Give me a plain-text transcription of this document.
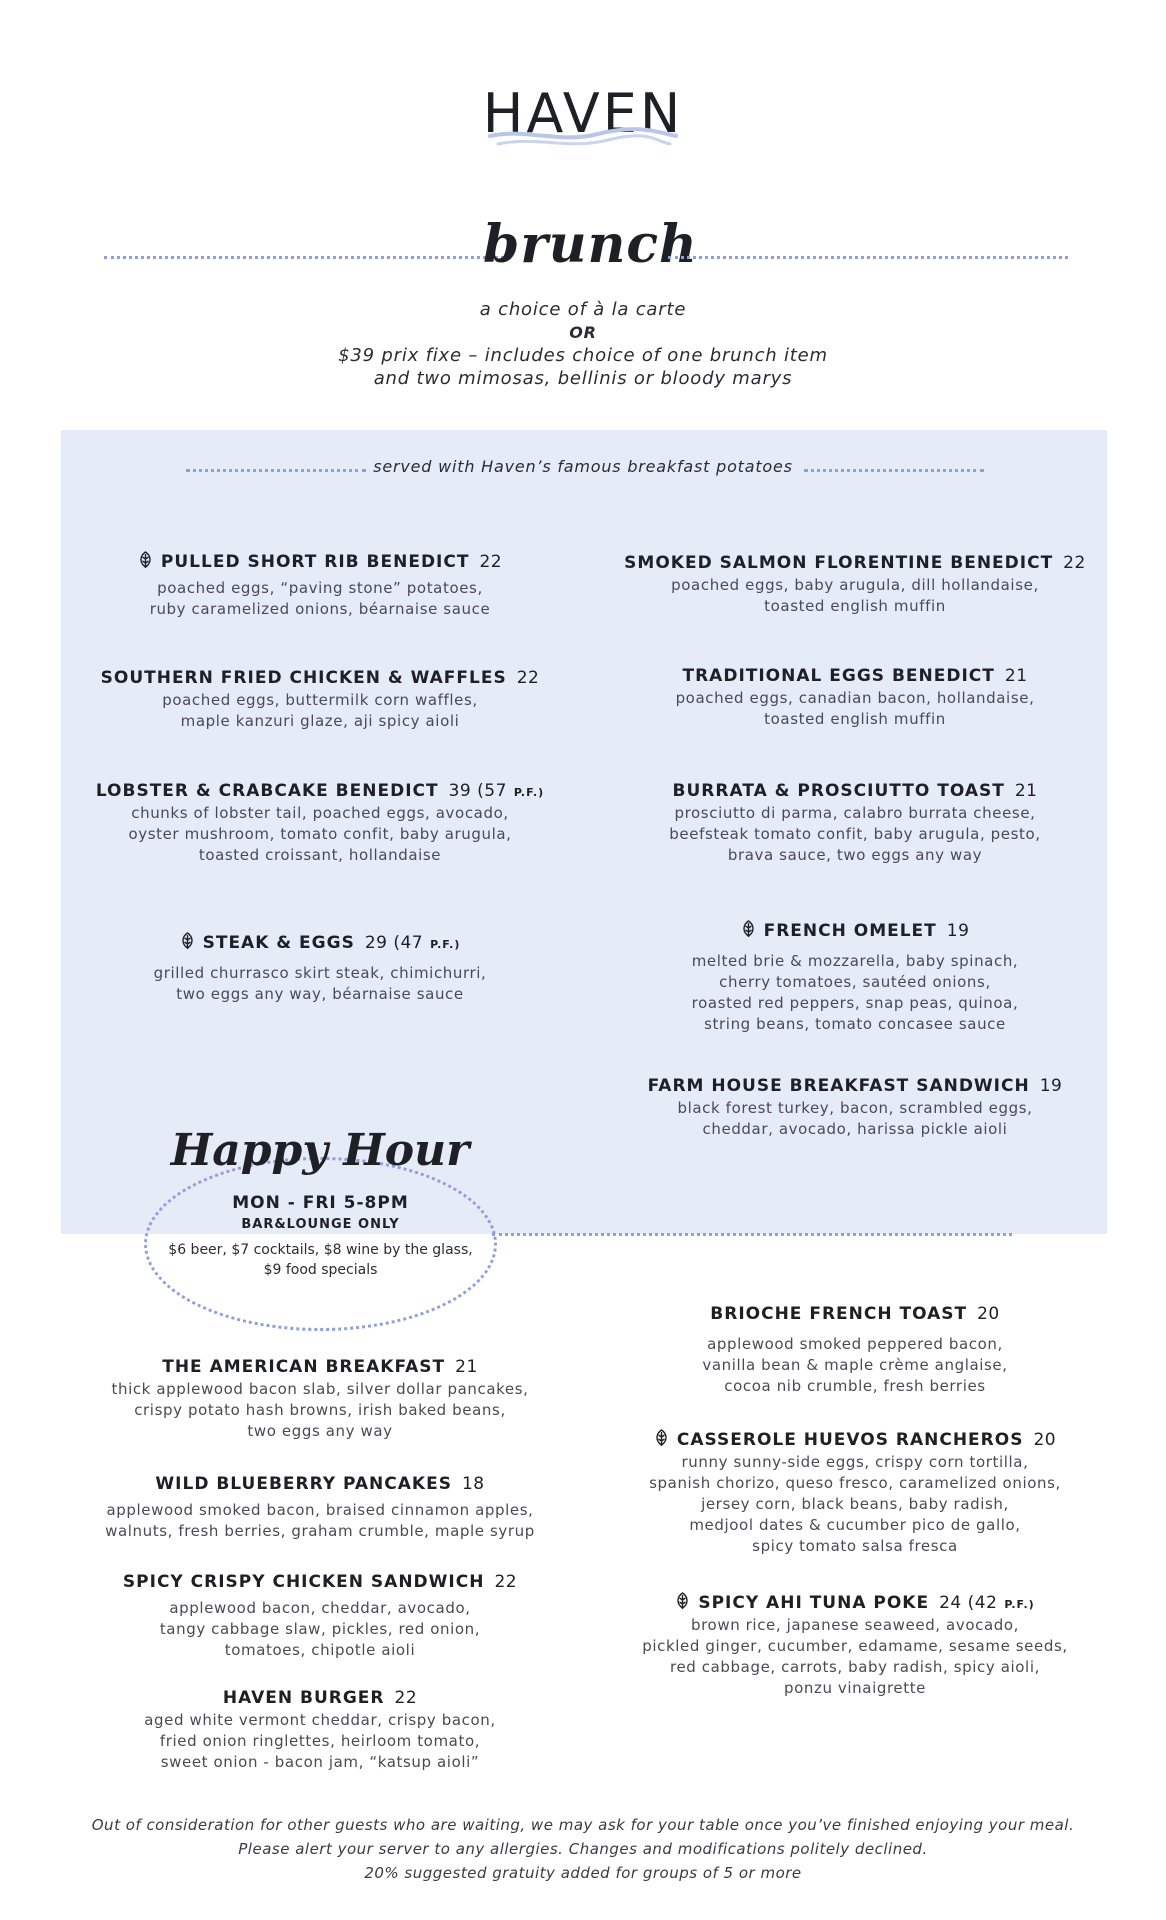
HAVEN
brunch
a choice of à la carte
OR
$39 prix fixe – includes choice of one brunch item
and two mimosas, bellinis or bloody marys
served with Haven’s famous breakfast potatoes
PULLED SHORT RIB BENEDICT 22
poached eggs, “paving stone” potatoes,
ruby caramelized onions, béarnaise sauce
SMOKED SALMON FLORENTINE BENEDICT 22
poached eggs, baby arugula, dill hollandaise,
toasted english muffin
SOUTHERN FRIED CHICKEN & WAFFLES 22
poached eggs, buttermilk corn waffles,
maple kanzuri glaze, aji spicy aioli
TRADITIONAL EGGS BENEDICT 21
poached eggs, canadian bacon, hollandaise,
toasted english muffin
LOBSTER & CRABCAKE BENEDICT 39 (57 P.F.)
chunks of lobster tail, poached eggs, avocado,
oyster mushroom, tomato confit, baby arugula,
toasted croissant, hollandaise
BURRATA & PROSCIUTTO TOAST 21
prosciutto di parma, calabro burrata cheese,
beefsteak tomato confit, baby arugula, pesto,
brava sauce, two eggs any way
STEAK & EGGS 29 (47 P.F.)
grilled churrasco skirt steak, chimichurri,
two eggs any way, béarnaise sauce
FRENCH OMELET 19
melted brie & mozzarella, baby spinach,
cherry tomatoes, sautéed onions,
roasted red peppers, snap peas, quinoa,
string beans, tomato concasee sauce
FARM HOUSE BREAKFAST SANDWICH 19
black forest turkey, bacon, scrambled eggs,
cheddar, avocado, harissa pickle aioli
Happy Hour
MON - FRI 5-8PM
BAR&LOUNGE ONLY
$6 beer, $7 cocktails, $8 wine by the glass,
$9 food specials
BRIOCHE FRENCH TOAST 20
applewood smoked peppered bacon,
vanilla bean & maple crème anglaise,
cocoa nib crumble, fresh berries
THE AMERICAN BREAKFAST 21
thick applewood bacon slab, silver dollar pancakes,
crispy potato hash browns, irish baked beans,
two eggs any way	CASSEROLE HUEVOS RANCHEROS 20
runny sunny-side eggs, crispy corn tortilla,
spanish chorizo, queso fresco, caramelized onions,
jersey corn, black beans, baby radish,
medjool dates & cucumber pico de gallo,
spicy tomato salsa fresca
WILD BLUEBERRY PANCAKES 18
applewood smoked bacon, braised cinnamon apples,
walnuts, fresh berries, graham crumble, maple syrup
SPICY CRISPY CHICKEN SANDWICH 22
applewood bacon, cheddar, avocado,
tangy cabbage slaw, pickles, red onion,
tomatoes, chipotle aioli
SPICY AHI TUNA POKE 24 (42 P.F.)
brown rice, japanese seaweed, avocado,
pickled ginger, cucumber, edamame, sesame seeds,
red cabbage, carrots, baby radish, spicy aioli,
ponzu vinaigrette
HAVEN BURGER 22
aged white vermont cheddar, crispy bacon,
fried onion ringlettes, heirloom tomato,
sweet onion - bacon jam, “katsup aioli”
Out of consideration for other guests who are waiting, we may ask for your table once you’ve finished enjoying your meal.
Please alert your server to any allergies. Changes and modifications politely declined.
20% suggested gratuity added for groups of 5 or more
